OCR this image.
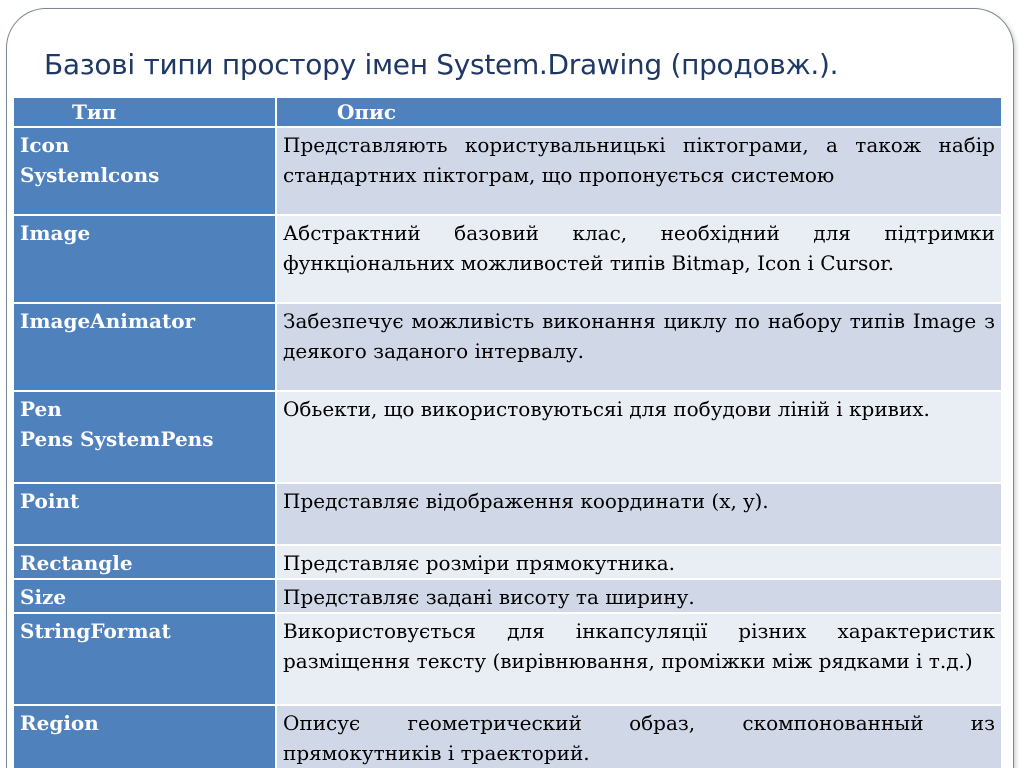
Базові типи простору імен System.Drawing (продовж.).
Тип	Опис

Icon
Systemlcons	Представляють користувальницькі піктограми, а також набір стандартних піктограм, що пропонується системою

Image	Абстрактний базовий клас, необхідний для підтримки функціональних можливостей типів Bitmap, Icon і Cursor.

ImageAnimator	Забезпечує можливість виконання циклу по набору типів Image з деякого заданого інтервалу.

Pen
Pens SystemPens	Обьекти, що використовуютьсяі для побудови ліній і кривих.

Point	Представляє відображення координати (x, y).

Rectangle	Представляє розміри прямокутника.

Size	Представляє задані висоту та ширину.

StringFormat	Використовується для інкапсуляції різних характеристик разміщення тексту (вирівнювання, проміжки між рядками і т.д.)

Region	Описує геометрический образ, скомпонованный из прямокутників і траекторий.
